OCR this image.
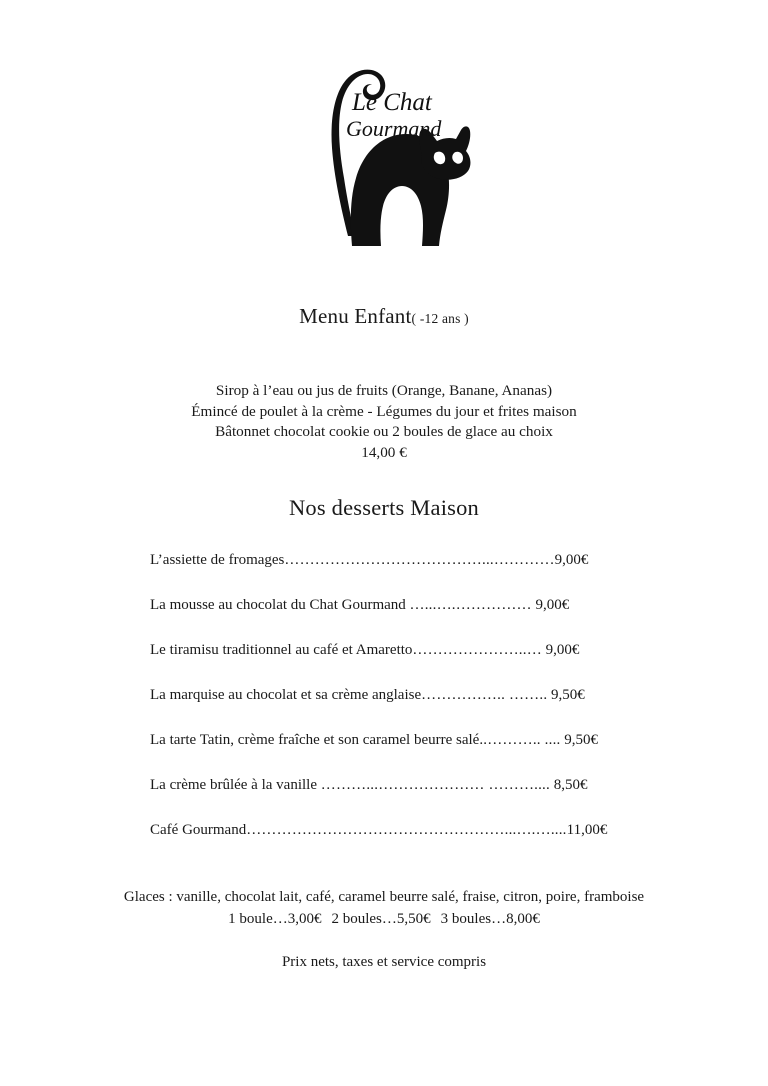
Le Chat
Gourmand
Menu Enfant( -12 ans )
Sirop à l’eau ou jus de fruits (Orange, Banane, Ananas)
Émincé de poulet à la crème - Légumes du jour et frites maison
Bâtonnet chocolat cookie ou 2 boules de glace au choix
14,00 €
Nos desserts Maison
L’assiette de fromages…………………………………...…………9,00€
La mousse au chocolat du Chat Gourmand …...….…………… 9,00€
Le tiramisu traditionnel au café et Amaretto…………………..… 9,00€
La marquise au chocolat et sa crème anglaise…………….. …….. 9,50€
La tarte Tatin, crème fraîche et son caramel beurre salé..……….. .... 9,50€
La crème brûlée à la vanille ………...………………… ……….... 8,50€
Café Gourmand……………………………………………...….…....11,00€
Glaces : vanille, chocolat lait, café, caramel beurre salé, fraise, citron, poire, framboise
1 boule…3,00€ 2 boules…5,50€ 3 boules…8,00€
Prix nets, taxes et service compris
